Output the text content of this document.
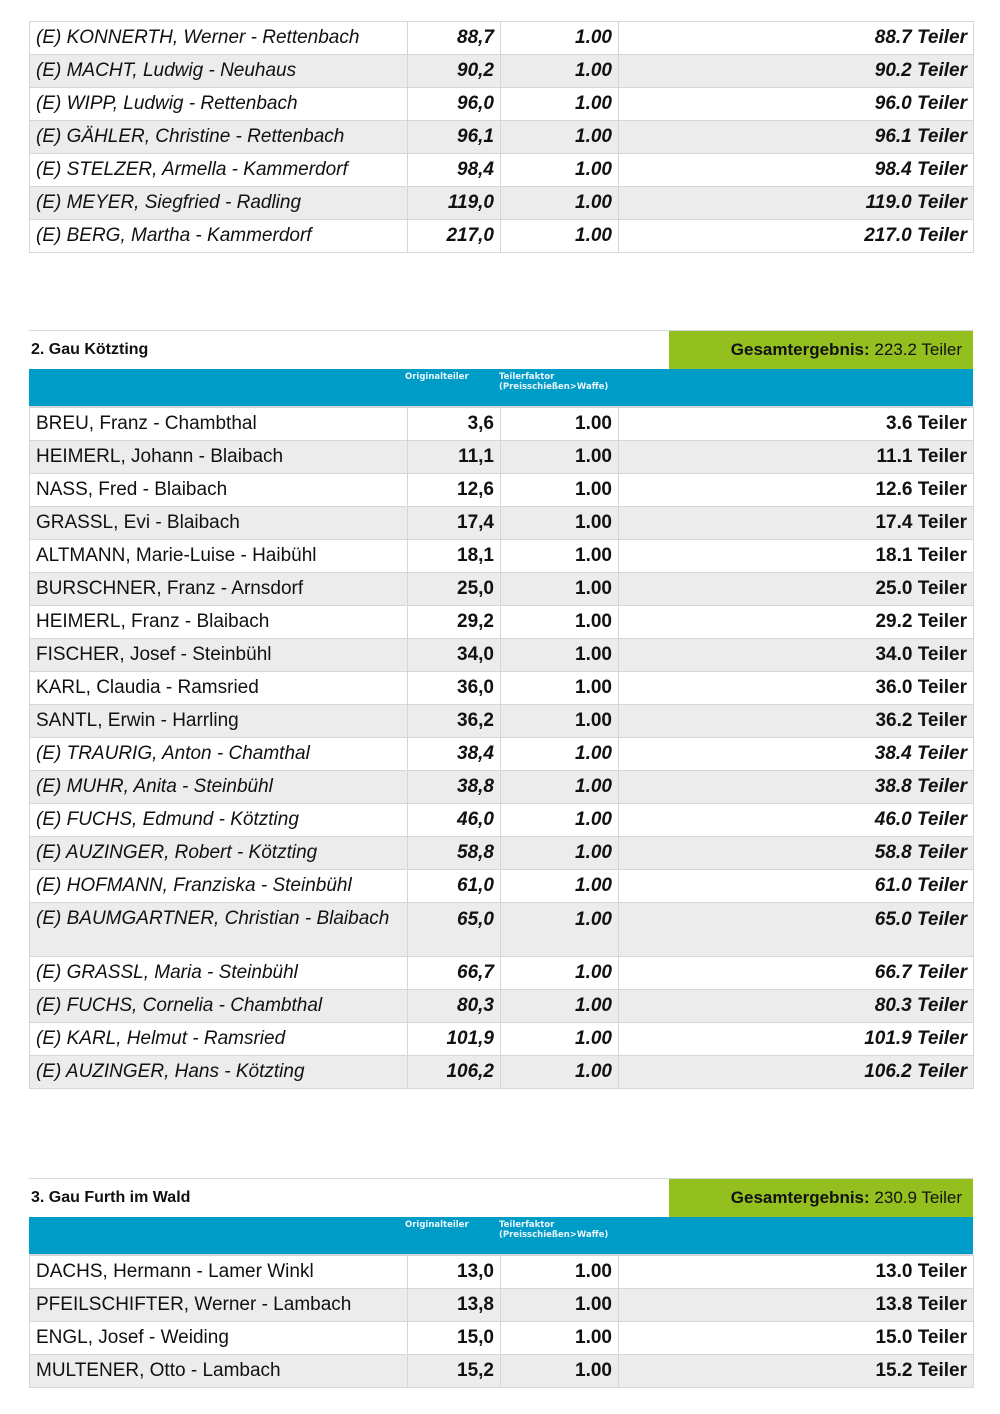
(E) KONNERTH, Werner - Rettenbach	88,7	1.00	88.7 Teiler
(E) MACHT, Ludwig - Neuhaus	90,2	1.00	90.2 Teiler
(E) WIPP, Ludwig - Rettenbach	96,0	1.00	96.0 Teiler
(E) GÄHLER, Christine - Rettenbach	96,1	1.00	96.1 Teiler
(E) STELZER, Armella - Kammerdorf	98,4	1.00	98.4 Teiler
(E) MEYER, Siegfried - Radling	119,0	1.00	119.0 Teiler
(E) BERG, Martha - Kammerdorf	217,0	1.00	217.0 Teiler
2. Gau Kötzting	Gesamtergebnis: 223.2 Teiler
Originalteiler	Teilerfaktor
(Preisschießen>Waffe)
BREU, Franz - Chambthal	3,6	1.00	3.6 Teiler
HEIMERL, Johann - Blaibach	11,1	1.00	11.1 Teiler
NASS, Fred - Blaibach	12,6	1.00	12.6 Teiler
GRASSL, Evi - Blaibach	17,4	1.00	17.4 Teiler
ALTMANN, Marie-Luise - Haibühl	18,1	1.00	18.1 Teiler
BURSCHNER, Franz - Arnsdorf	25,0	1.00	25.0 Teiler
HEIMERL, Franz - Blaibach	29,2	1.00	29.2 Teiler
FISCHER, Josef - Steinbühl	34,0	1.00	34.0 Teiler
KARL, Claudia - Ramsried	36,0	1.00	36.0 Teiler
SANTL, Erwin - Harrling	36,2	1.00	36.2 Teiler
(E) TRAURIG, Anton - Chamthal	38,4	1.00	38.4 Teiler
(E) MUHR, Anita - Steinbühl	38,8	1.00	38.8 Teiler
(E) FUCHS, Edmund - Kötzting	46,0	1.00	46.0 Teiler
(E) AUZINGER, Robert - Kötzting	58,8	1.00	58.8 Teiler
(E) HOFMANN, Franziska - Steinbühl	61,0	1.00	61.0 Teiler
(E) BAUMGARTNER, Christian - Blaibach	65,0	1.00	65.0 Teiler
(E) GRASSL, Maria - Steinbühl	66,7	1.00	66.7 Teiler
(E) FUCHS, Cornelia - Chambthal	80,3	1.00	80.3 Teiler
(E) KARL, Helmut - Ramsried	101,9	1.00	101.9 Teiler
(E) AUZINGER, Hans - Kötzting	106,2	1.00	106.2 Teiler
3. Gau Furth im Wald	Gesamtergebnis: 230.9 Teiler
Originalteiler	Teilerfaktor
(Preisschießen>Waffe)
DACHS, Hermann - Lamer Winkl	13,0	1.00	13.0 Teiler
PFEILSCHIFTER, Werner - Lambach	13,8	1.00	13.8 Teiler
ENGL, Josef - Weiding	15,0	1.00	15.0 Teiler
MULTENER, Otto - Lambach	15,2	1.00	15.2 Teiler
